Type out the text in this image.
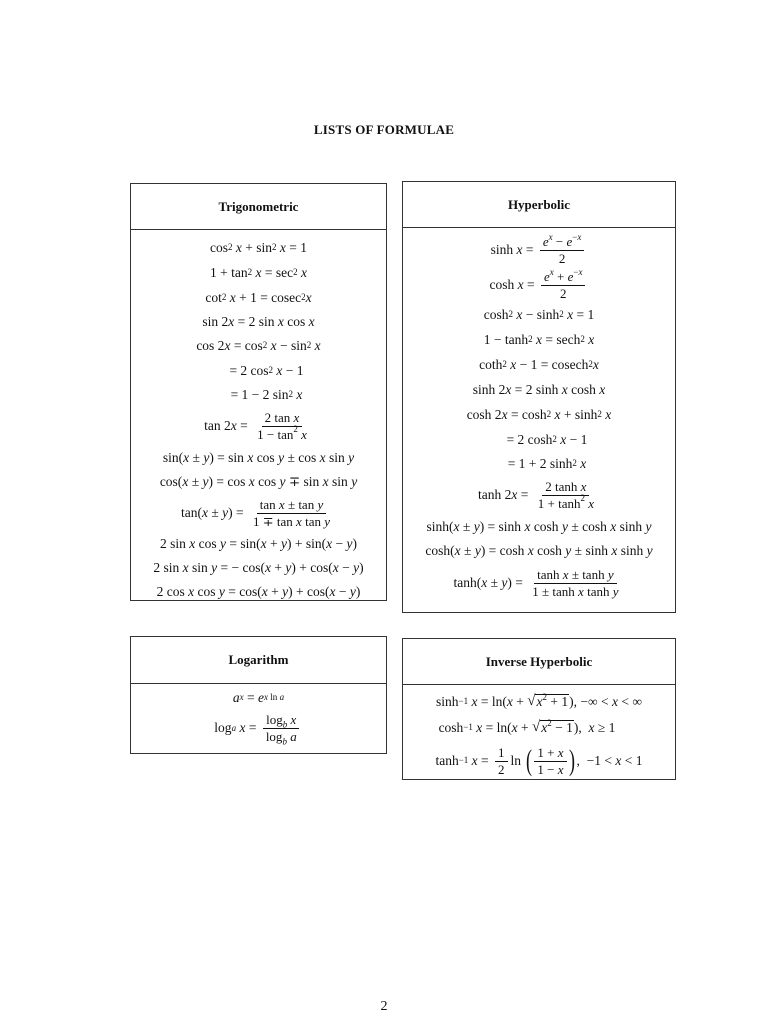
LISTS OF FORMULAE
Trigonometric
$\cos^2$
$x + \sin^2$
x = 1
$1 + \tan^2$
$x = \sec^2$
x
$\cot^2$
x + 1 = cosec$^2$ x
sin 2 x = 2 sin x cos x
cos 2 $x = \cos^2$
$x - \sin^2$
x
= 2 $\cos^2$
x − 1
= 1 − 2 $\sin^2$
x
tan 2 $x = \frac{\text{2 tan x}}{1 - \tan^2 x}$
sin( x ± y ) = sin x cos y ± cos x sin y
cos( x ± y ) = cos x cos y ∓ sin x sin y
tan( x ± y ) = $\frac{\text{tan x ± tan y}}{\text{1 ∓ tan x tan y}}$
2 sin x cos y = sin( x + y ) + sin( x − y )
2 sin x sin y = − cos( x + y ) + cos( x − y )
2 cos x cos y = cos( x + y ) + cos( x − y )
Hyperbolic
$\sinh x = \frac{e^x - e^{-x}}{2}$
$\cosh x = \frac{e^x + e^{-x}}{2}$
$\cosh^2$
$x - \sinh^2$
x = 1
$1 - \tanh^2$
x = sech$^2$
x
coth$^2$
x − 1 = cosech$^2$ x
sinh 2 x = 2 sinh x cosh x
cosh 2 $x = \cosh^2$
$x + \sinh^2$
x
= 2 $\cosh^2$
x − 1
= 1 + 2 $\sinh^2$
x
tanh 2 $x = \frac{\text{2 tanh x}}{1 + \tanh^2 x}$
sinh( x ± y ) = sinh x cosh y ± cosh x sinh y
cosh( x ± y ) = cosh x cosh y ± sinh x sinh y
tanh( x ± y ) = $\frac{\text{tanh x ± tanh y}}{\text{1 ± tanh x tanh y}}$
Logarithm
a $^x$ = e $^{x ln a}$
log a
$x = \frac{\log_b x}{\log_b a}$
Inverse Hyperbolic
$\sinh^{-1}$
x = ln( x + √ $x^2 + 1$ ), −∞ < x < ∞
$\cosh^{-1}$
x = ln( x + √ $x^2 - 1$ ), x ≥ 1
$\tanh^{-1}$
$x = \frac{1}{2}$ ln ( $\frac{1 + x}{1 - x}$ ) ,  −1 < x < 1
2
